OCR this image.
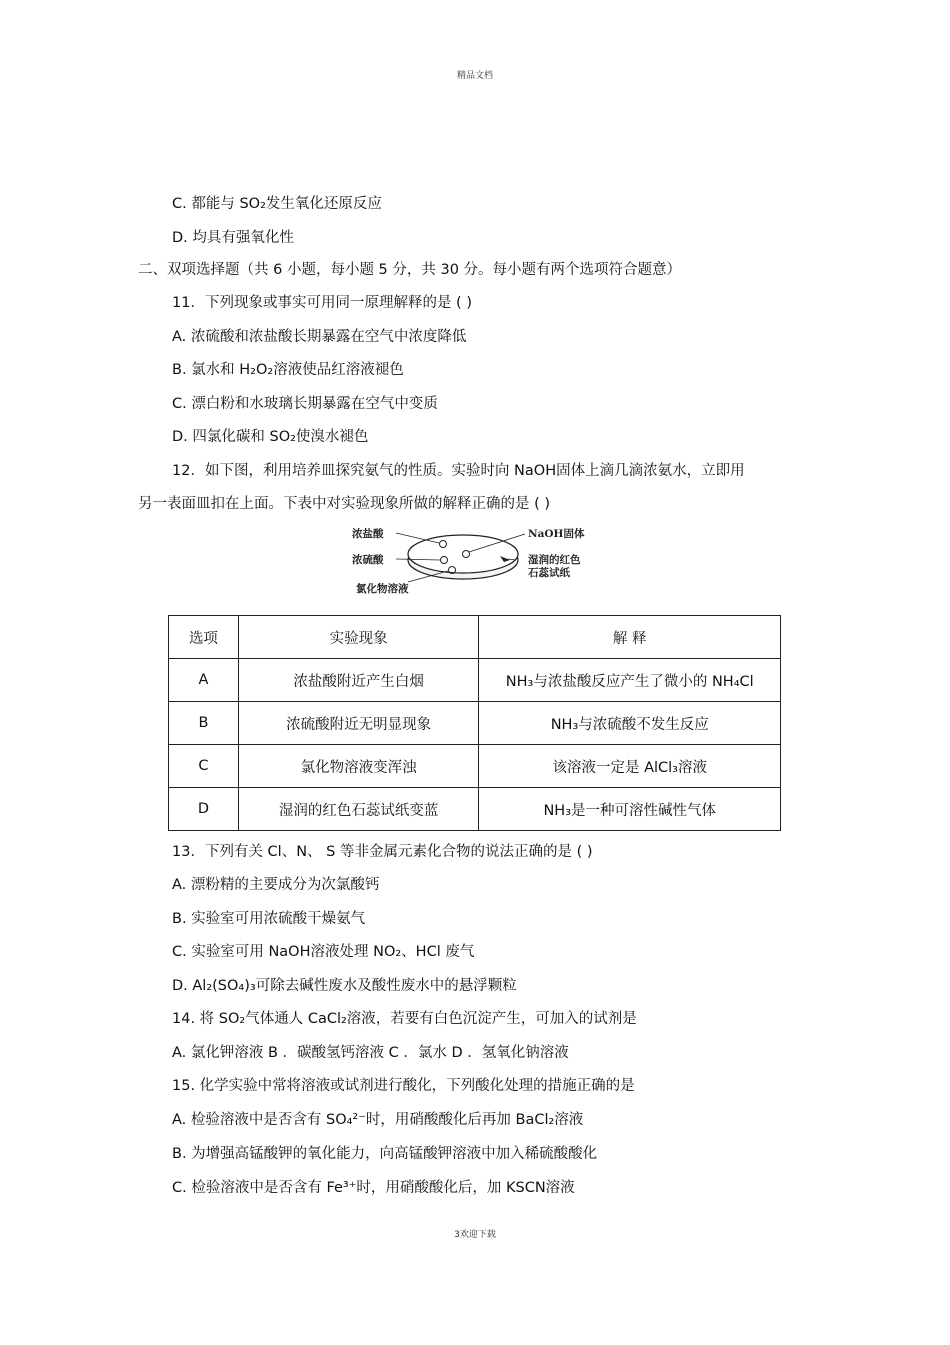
精品文档
C. 都能与 SO₂发生氧化还原反应
D. 均具有强氧化性
二、双项选择题（共 6 小题，每小题 5 分，共 30 分。每小题有两个选项符合题意）
11．下列现象或事实可用同一原理解释的是 ( )
A. 浓硫酸和浓盐酸长期暴露在空气中浓度降低
B. 氯水和 H₂O₂溶液使品红溶液褪色
C. 漂白粉和水玻璃长期暴露在空气中变质
D. 四氯化碳和 SO₂使溴水褪色
12．如下图，利用培养皿探究氨气的性质。实验时向 NaOH固体上滴几滴浓氨水，立即用
另一表面皿扣在上面。下表中对实验现象所做的解释正确的是 ( )
浓盐酸
浓硫酸
氯化物溶液
NaOH固体
湿润的红色
石蕊试纸
选项	实验现象	解 释
A	浓盐酸附近产生白烟	NH₃与浓盐酸反应产生了微小的 NH₄Cl
B	浓硫酸附近无明显现象	NH₃与浓硫酸不发生反应
C	氯化物溶液变浑浊	该溶液一定是 AlCl₃溶液
D	湿润的红色石蕊试纸变蓝	NH₃是一种可溶性碱性气体
13．下列有关 Cl、N、 S 等非金属元素化合物的说法正确的是 ( )
A. 漂粉精的主要成分为次氯酸钙
B. 实验室可用浓硫酸干燥氨气
C. 实验室可用 NaOH溶液处理 NO₂、HCl 废气
D. Al₂(SO₄)₃可除去碱性废水及酸性废水中的悬浮颗粒
14. 将 SO₂气体通人 CaCl₂溶液，若要有白色沉淀产生，可加入的试剂是
A. 氯化钾溶液 B ．碳酸氢钙溶液 C ．氯水 D ．氢氧化钠溶液
15. 化学实验中常将溶液或试剂进行酸化，下列酸化处理的措施正确的是
A. 检验溶液中是否含有 SO₄²⁻时，用硝酸酸化后再加 BaCl₂溶液
B. 为增强高锰酸钾的氧化能力，向高锰酸钾溶液中加入稀硫酸酸化
C. 检验溶液中是否含有 Fe³⁺时，用硝酸酸化后，加 KSCN溶液
3欢迎下载
